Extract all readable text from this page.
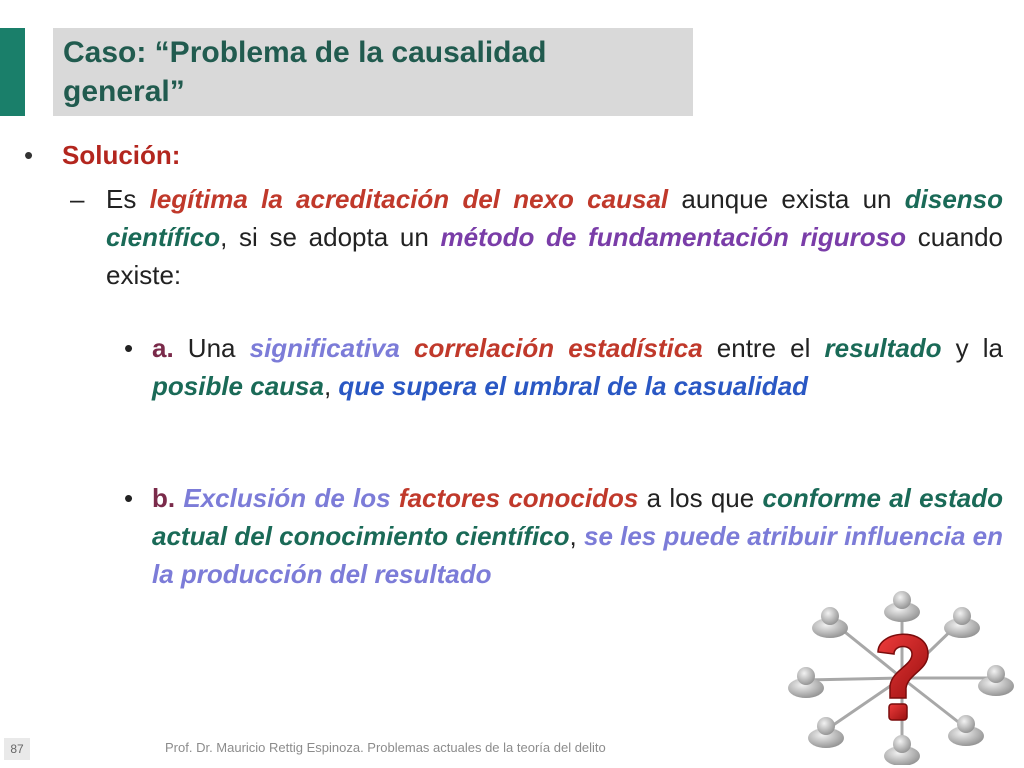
Caso: “Problema de la causalidad general”
• Solución:
– Es legítima la acreditación del nexo causal aunque exista un disenso científico, si se adopta un método de fundamentación riguroso cuando existe:
• a. Una significativa correlación estadística entre el resultado y la posible causa, que supera el umbral de la casualidad
• b. Exclusión de los factores conocidos a los que conforme al estado actual del conocimiento científico, se les puede atribuir influencia en la producción del resultado
87	Prof. Dr. Mauricio Rettig Espinoza. Problemas actuales de la teoría del delito
